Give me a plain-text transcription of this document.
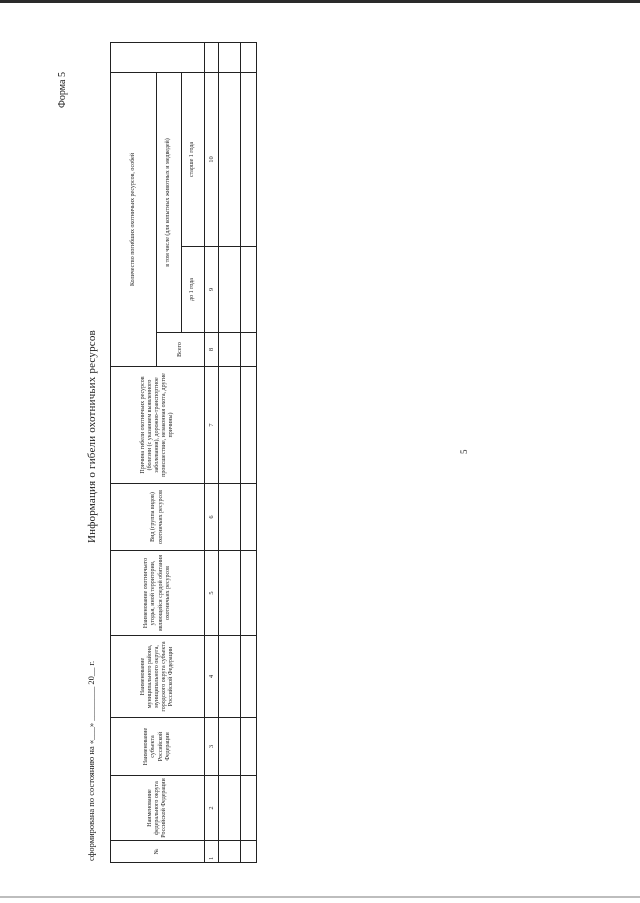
5
Форма 5
Информация о гибели охотничьих ресурсов
сформирована по состоянию на «___» ________ 20__ г.	№	Наименование федерального округа Российской Федерации	Наименование субъекта Российской Федерации	Наименование муниципального района, муниципального округа, городского округа субъекта Российской Федерации	Наименование охотничьего угодья, иной территории, являющейся средой обитания охотничьих ресурсов	Вид (группа видов) охотничьих ресурсов	Причина гибели охотничьих ресурсов (болезни (с указанием выявленного заболевания), дорожно-транспортное происшествие, незаконная охота, другие причины)	Количество погибших охотничьих ресурсов, особей			
							Всего	в том числе (для копытных животных и медведей)		
								до 1 года	старше 1 года	
1	2	3	4	5	6	7	8	9	10	
